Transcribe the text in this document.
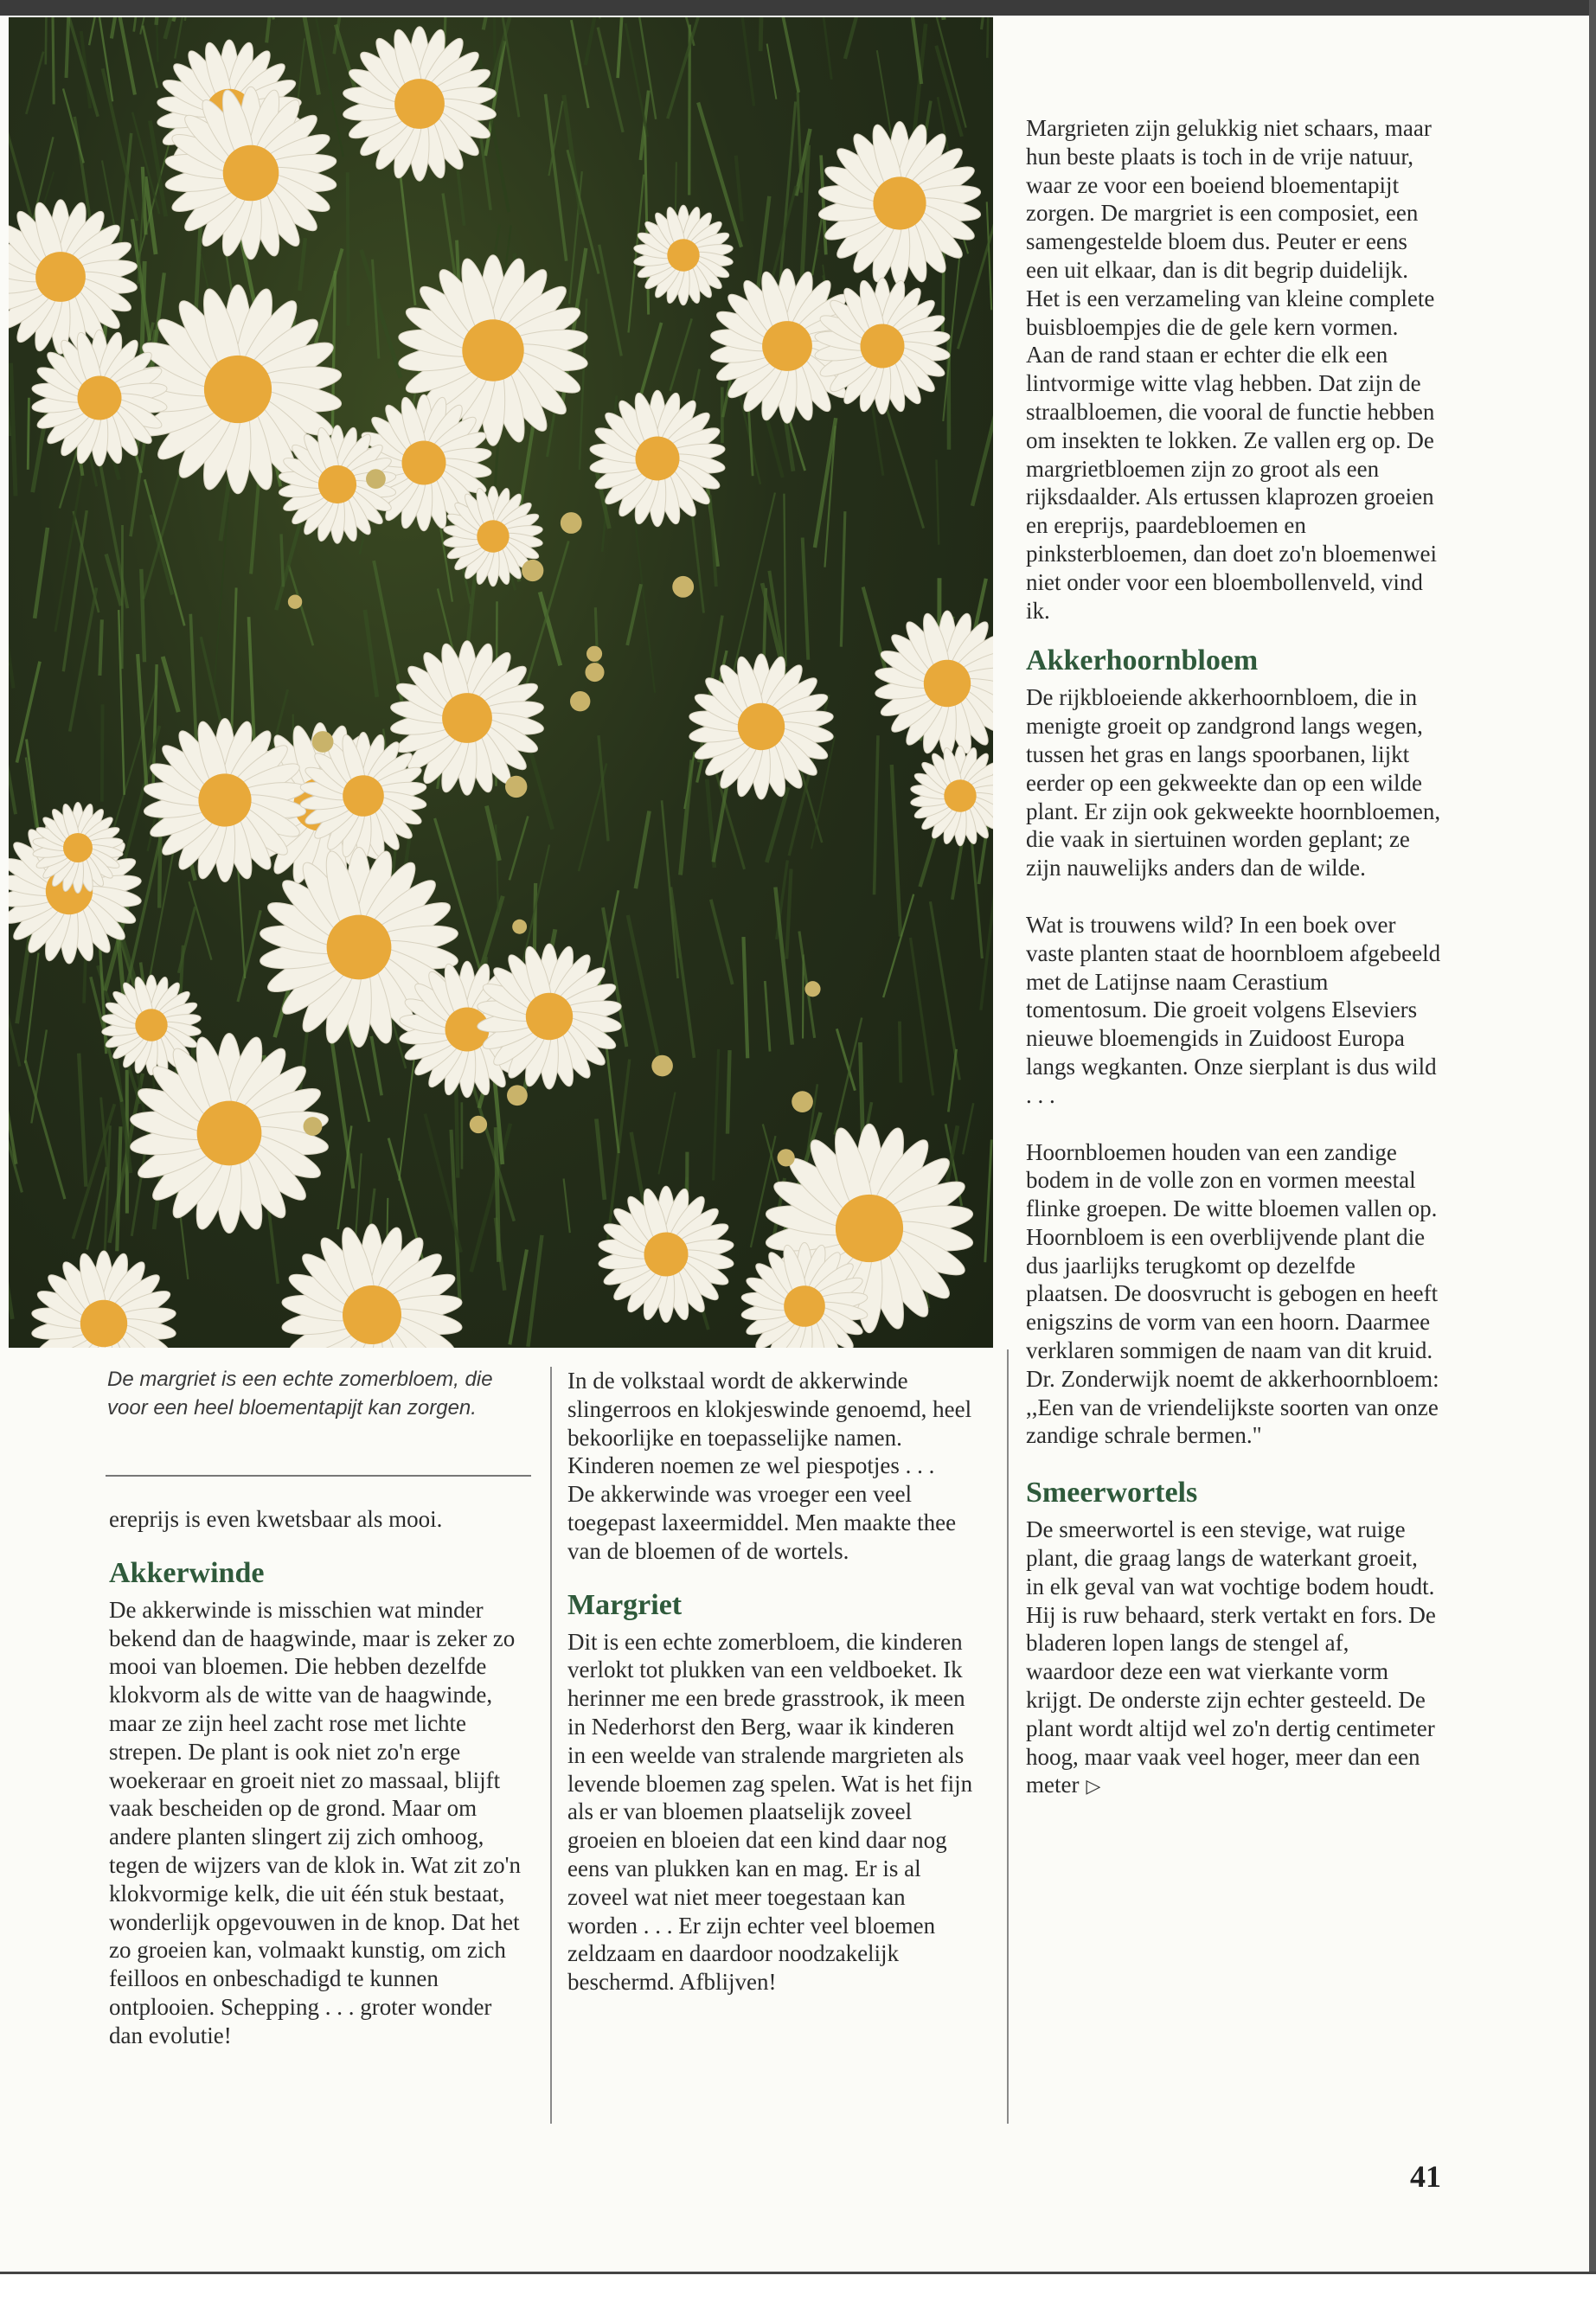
Margrieten zijn gelukkig niet schaars, maar hun beste plaats is toch in de vrije natuur, waar ze voor een boeiend bloementapijt zorgen. De margriet is een composiet, een samengestelde bloem dus. Peuter er eens een uit elkaar, dan is dit begrip duidelijk. Het is een verzameling van kleine complete buisbloempjes die de gele kern vormen. Aan de rand staan er echter die elk een lintvormige witte vlag hebben. Dat zijn de straalbloemen, die vooral de functie hebben om insekten te lokken. Ze vallen erg op. De margrietbloemen zijn zo groot als een rijksdaalder. Als ertussen klaprozen groeien en ereprijs, paardebloemen en pinksterbloemen, dan doet zo'n bloemenwei niet onder voor een bloembollenveld, vind ik.

Akkerhoornbloem

De rijkbloeiende akkerhoornbloem, die in menigte groeit op zandgrond langs wegen, tussen het gras en langs spoorbanen, lijkt eerder op een gekweekte dan op een wilde plant. Er zijn ook gekweekte hoornbloemen, die vaak in siertuinen worden geplant; ze zijn nauwelijks anders dan de wilde.

Wat is trouwens wild? In een boek over vaste planten staat de hoornbloem afgebeeld met de Latijnse naam Cerastium tomentosum. Die groeit volgens Elseviers nieuwe bloemengids in Zuidoost Europa langs wegkanten. Onze sierplant is dus wild . . .

Hoornbloemen houden van een zandige bodem in de volle zon en vormen meestal flinke groepen. De witte bloemen vallen op. Hoornbloem is een overblijvende plant die dus jaarlijks terugkomt op dezelfde plaatsen. De doosvrucht is gebogen en heeft enigszins de vorm van een hoorn. Daarmee verklaren sommigen de naam van dit kruid. Dr. Zonderwijk noemt de akkerhoornbloem: ,,Een van de vriendelijkste soorten van onze zandige schrale bermen."

Smeerwortels

De smeerwortel is een stevige, wat ruige plant, die graag langs de waterkant groeit, in elk geval van wat vochtige bodem houdt. Hij is ruw behaard, sterk vertakt en fors. De bladeren lopen langs de stengel af, waardoor deze een wat vierkante vorm krijgt. De onderste zijn echter gesteeld. De plant wordt altijd wel zo'n dertig centimeter hoog, maar vaak veel hoger, meer dan een meter ▷

De margriet is een echte zomerbloem, die voor een heel bloementapijt kan zorgen.

ereprijs is even kwetsbaar als mooi.

Akkerwinde

De akkerwinde is misschien wat minder bekend dan de haagwinde, maar is zeker zo mooi van bloemen. Die hebben dezelfde klokvorm als de witte van de haagwinde, maar ze zijn heel zacht rose met lichte strepen. De plant is ook niet zo'n erge woekeraar en groeit niet zo massaal, blijft vaak bescheiden op de grond. Maar om andere planten slingert zij zich omhoog, tegen de wijzers van de klok in. Wat zit zo'n klokvormige kelk, die uit één stuk bestaat, wonderlijk opgevouwen in de knop. Dat het zo groeien kan, volmaakt kunstig, om zich feilloos en onbeschadigd te kunnen ontplooien. Schepping . . . groter wonder dan evolutie!

In de volkstaal wordt de akkerwinde slingerroos en klokjeswinde genoemd, heel bekoorlijke en toepasselijke namen. Kinderen noemen ze wel piespotjes . . .

De akkerwinde was vroeger een veel toegepast laxeermiddel. Men maakte thee van de bloemen of de wortels.

Margriet

Dit is een echte zomerbloem, die kinderen verlokt tot plukken van een veldboeket. Ik herinner me een brede grasstrook, ik meen in Nederhorst den Berg, waar ik kinderen in een weelde van stralende margrieten als levende bloemen zag spelen. Wat is het fijn als er van bloemen plaatselijk zoveel groeien en bloeien dat een kind daar nog eens van plukken kan en mag. Er is al zoveel wat niet meer toegestaan kan worden . . . Er zijn echter veel bloemen zeldzaam en daardoor noodzakelijk beschermd. Afblijven!

41
